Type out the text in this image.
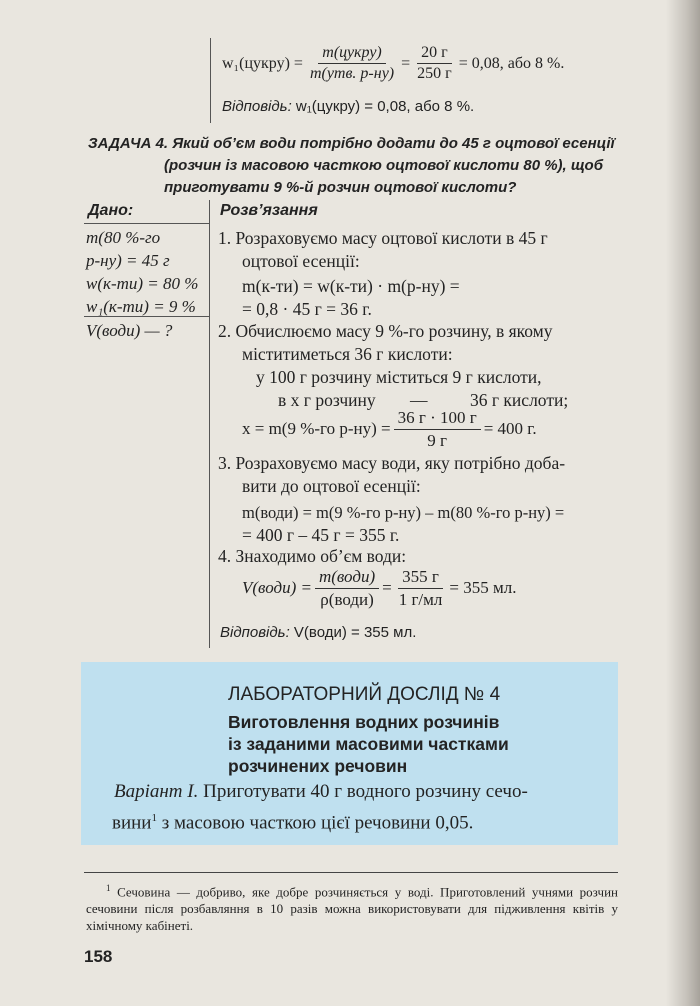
w₁(цукру) = $\frac{\text{m(цукру)}}{\text{m(утв. р-ну)}} = \frac{20 г}{250 г} = 0,08$, або 8 %.
Відповідь: w₁(цукру) = 0,08, або 8 %.
ЗАДАЧА 4. Який об’єм води потрібно додати до 45 г оцтової есенції
(розчин із масовою часткою оцтової кислоти 80 %), щоб
приготувати 9 %-й розчин оцтової кислоти?
Дано:
m(80 %-го
р-ну) = 45 г
w(к-ти) = 80 %
w₁(к-ти) = 9 %
V(води) — ?
Розв’язання
1. Розраховуємо масу оцтової кислоти в 45 г
оцтової есенції:
m(к-ти) = w(к-ти) · m(р-ну) =
= 0,8 · 45 г = 36 г.
2. Обчислюємо масу 9 %-го розчину, в якому
міститиметься 36 г кислоти:
у 100 г розчину міститься 9 г кислоти,
в x г розчину — 36 г кислоти;
x = m(9 %-го $р-ну) = \frac{36 г \cdot 100 г}{9 г} = 400$ г.
3. Розраховуємо масу води, яку потрібно доба-
вити до оцтової есенції:
m(води) = m(9 %-го р-ну) – m(80 %-го р-ну) =
= 400 г – 45 г = 355 г.
4. Знаходимо об’єм води:
V(води) = $\frac{\text{m(води)}}{\text{ρ(води)}} = \frac{355 г}{1 г/мл} = 355$ мл.
Відповідь: V(води) = 355 мл.
ЛАБОРАТОРНИЙ ДОСЛІД № 4
Виготовлення водних розчинів
із заданими масовими частками
розчинених речовин
Варіант І. Приготувати 40 г водного розчину сечо-
вини$^1$ з масовою часткою цієї речовини 0,05.
$^1$ Сечовина — добриво, яке добре розчиняється у воді. Приготовлений учнями розчин сечовини після розбавляння в 10 разів можна використовувати для підживлення квітів у хімічному кабінеті.
158
